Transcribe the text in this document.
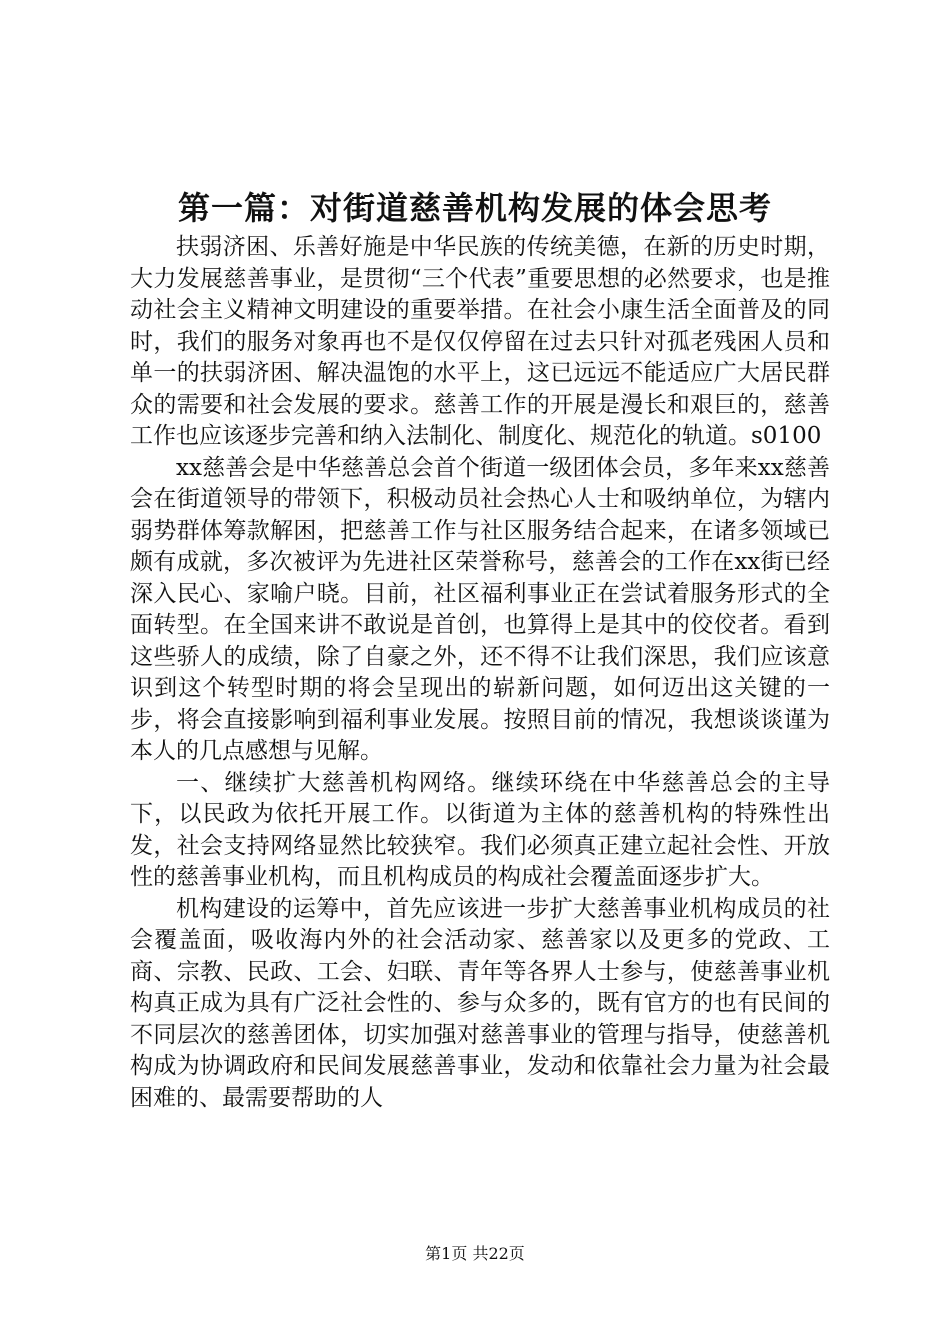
第一篇：对街道慈善机构发展的体会思考

扶弱济困、乐善好施是中华民族的传统美德，在新的历史时期，大力发展慈善事业，是贯彻“三个代表”重要思想的必然要求，也是推动社会主义精神文明建设的重要举措。在社会小康生活全面普及的同时，我们的服务对象再也不是仅仅停留在过去只针对孤老残困人员和单一的扶弱济困、解决温饱的水平上，这已远远不能适应广大居民群众的需要和社会发展的要求。慈善工作的开展是漫长和艰巨的，慈善工作也应该逐步完善和纳入法制化、制度化、规范化的轨道。s0100

xx慈善会是中华慈善总会首个街道一级团体会员，多年来xx慈善会在街道领导的带领下，积极动员社会热心人士和吸纳单位，为辖内弱势群体筹款解困，把慈善工作与社区服务结合起来，在诸多领域已颇有成就，多次被评为先进社区荣誉称号，慈善会的工作在xx街已经深入民心、家喻户晓。目前，社区福利事业正在尝试着服务形式的全面转型。在全国来讲不敢说是首创，也算得上是其中的佼佼者。看到这些骄人的成绩，除了自豪之外，还不得不让我们深思，我们应该意识到这个转型时期的将会呈现出的崭新问题，如何迈出这关键的一步，将会直接影响到福利事业发展。按照目前的情况，我想谈谈谨为本人的几点感想与见解。

一、继续扩大慈善机构网络。继续环绕在中华慈善总会的主导下，以民政为依托开展工作。以街道为主体的慈善机构的特殊性出发，社会支持网络显然比较狭窄。我们必须真正建立起社会性、开放性的慈善事业机构，而且机构成员的构成社会覆盖面逐步扩大。

机构建设的运筹中，首先应该进一步扩大慈善事业机构成员的社会覆盖面，吸收海内外的社会活动家、慈善家以及更多的党政、工商、宗教、民政、工会、妇联、青年等各界人士参与，使慈善事业机构真正成为具有广泛社会性的、参与众多的，既有官方的也有民间的不同层次的慈善团体，切实加强对慈善事业的管理与指导，使慈善机构成为协调政府和民间发展慈善事业，发动和依靠社会力量为社会最困难的、最需要帮助的人

第1页 共22页
